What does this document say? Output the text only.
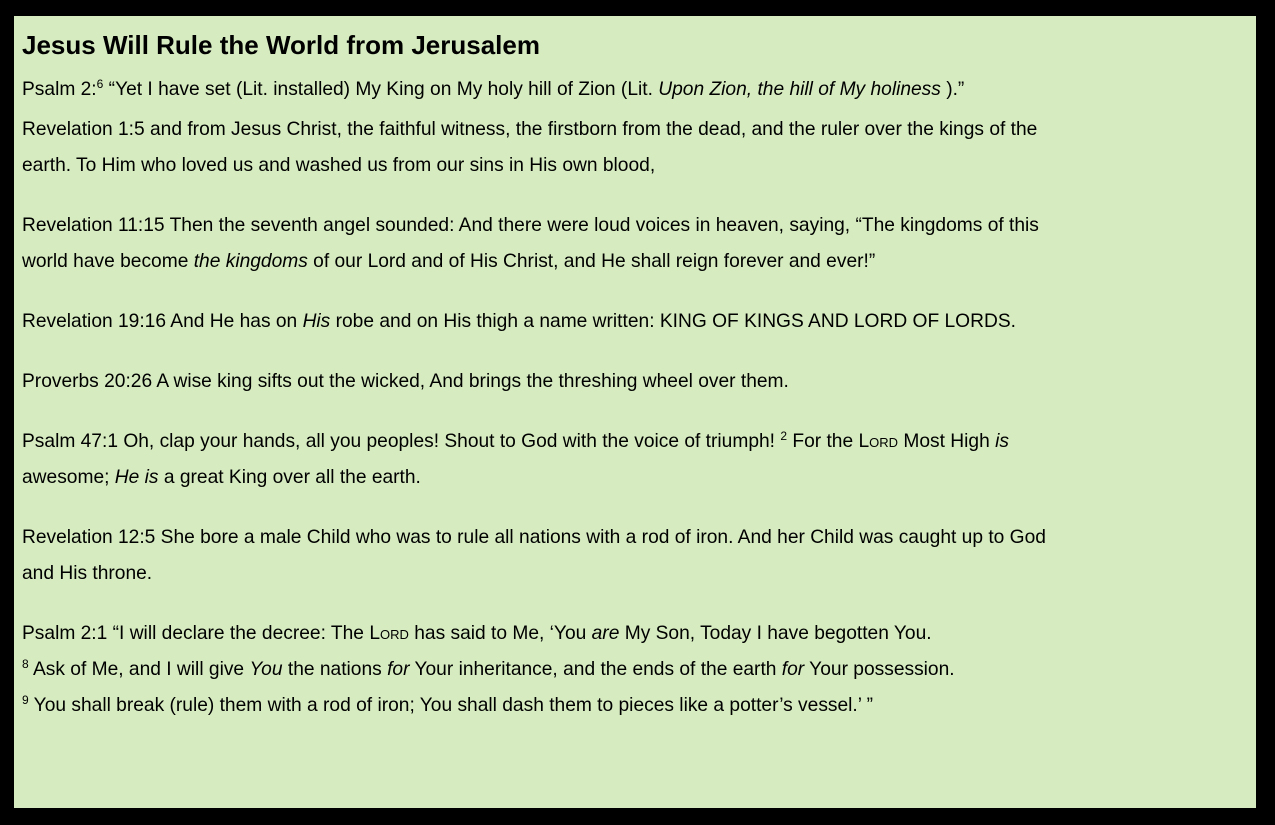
Jesus Will Rule the World from Jerusalem

Psalm 2:$^6$ “Yet I have set (Lit. installed) My King on My holy hill of Zion (Lit. Upon Zion, the hill of My holiness ).”

Revelation 1:5 and from Jesus Christ, the faithful witness, the firstborn from the dead, and the ruler over the kings of the
earth. To Him who loved us and washed us from our sins in His own blood,

Revelation 11:15 Then the seventh angel sounded: And there were loud voices in heaven, saying, “The kingdoms of this
world have become the kingdoms of our Lord and of His Christ, and He shall reign forever and ever!”

Revelation 19:16 And He has on His robe and on His thigh a name written: KING OF KINGS AND LORD OF LORDS.

Proverbs 20:26 A wise king sifts out the wicked, And brings the threshing wheel over them.

Psalm 47:1 Oh, clap your hands, all you peoples! Shout to God with the voice of triumph! $^2$ For the Lord Most High is
awesome; He is a great King over all the earth.

Revelation 12:5 She bore a male Child who was to rule all nations with a rod of iron. And her Child was caught up to God
and His throne.

Psalm 2:1 “I will declare the decree: The Lord has said to Me, ‘You are My Son, Today I have begotten You.
$^8$ Ask of Me, and I will give You the nations for Your inheritance, and the ends of the earth for Your possession.
$^9$ You shall break (rule) them with a rod of iron; You shall dash them to pieces like a potter’s vessel.’ ”
